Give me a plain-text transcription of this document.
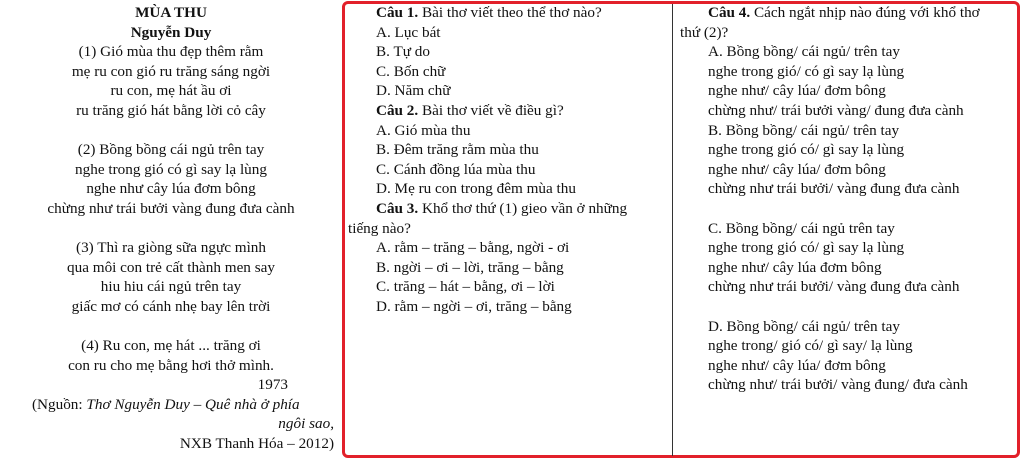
MÙA THU
Nguyễn Duy
(1) Gió mùa thu đẹp thêm rằm
mẹ ru con gió ru trăng sáng ngời
ru con, mẹ hát ầu ơi
ru trăng gió hát bằng lời cỏ cây
(2) Bồng bồng cái ngủ trên tay
nghe trong gió có gì say lạ lùng
nghe như cây lúa đơm bông
chừng như trái bưởi vàng đung đưa cành
(3) Thì ra giòng sữa ngực mình
qua môi con trẻ cất thành men say
hiu hiu cái ngủ trên tay
giấc mơ có cánh nhẹ bay lên trời
(4) Ru con, mẹ hát ... trăng ơi
con ru cho mẹ bằng hơi thở mình.
1973
(Nguồn: Thơ Nguyễn Duy – Quê nhà ở phía
ngôi sao,
NXB Thanh Hóa – 2012)
Câu 1. Bài thơ viết theo thể thơ nào?
A. Lục bát
B. Tự do
C. Bốn chữ
D. Năm chữ
Câu 2. Bài thơ viết về điều gì?
A. Gió mùa thu
B. Đêm trăng rằm mùa thu
C. Cánh đồng lúa mùa thu
D. Mẹ ru con trong đêm mùa thu
Câu 3. Khổ thơ thứ (1) gieo vần ở những
tiếng nào?
A. rằm – trăng – bằng, ngời - ơi
B. ngời – ơi – lời, trăng – bằng
C. trăng – hát – bằng, ơi – lời
D. rằm – ngời – ơi, trăng – bằng
Câu 4. Cách ngắt nhịp nào đúng với khổ thơ
thứ (2)?
A. Bồng bồng/ cái ngủ/ trên tay
nghe trong gió/ có gì say lạ lùng
nghe như/ cây lúa/ đơm bông
chừng như/ trái bưởi vàng/ đung đưa cành
B. Bồng bồng/ cái ngủ/ trên tay
nghe trong gió có/ gì say lạ lùng
nghe như/ cây lúa/ đơm bông
chừng như trái bưởi/ vàng đung đưa cành
C. Bồng bồng/ cái ngủ trên tay
nghe trong gió có/ gì say lạ lùng
nghe như/ cây lúa đơm bông
chừng như trái bưởi/ vàng đung đưa cành
D. Bồng bồng/ cái ngủ/ trên tay
nghe trong/ gió có/ gì say/ lạ lùng
nghe như/ cây lúa/ đơm bông
chừng như/ trái bưởi/ vàng đung/ đưa cành
